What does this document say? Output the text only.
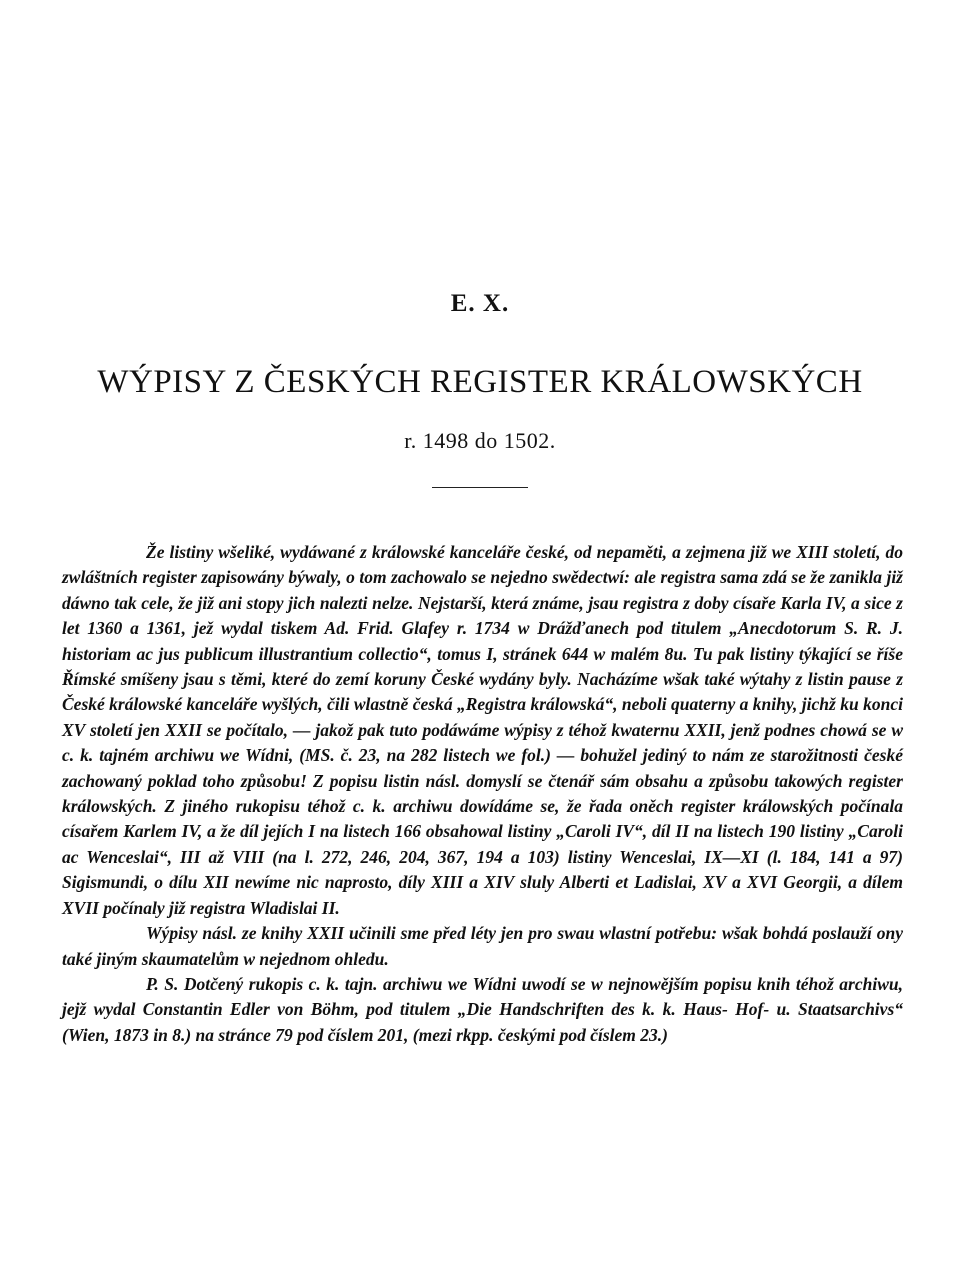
E. X.
WÝPISY Z ČESKÝCH REGISTER KRÁLOWSKÝCH
r. 1498 do 1502.

Že listiny wšeliké, wydáwané z králowské kanceláře české, od nepaměti, a zejmena již we XIII století, do zwláštních register zapisowány býwaly, o tom zachowalo se nejedno swědectwí: ale registra sama zdá se že zanikla již dáwno tak cele, že již ani stopy jich nalezti nelze. Nejstarší, která známe, jsau registra z doby císaře Karla IV, a sice z let 1360 a 1361, jež wydal tiskem Ad. Frid. Glafey r. 1734 w Drážďanech pod titulem „Anecdotorum S. R. J. historiam ac jus publicum illustrantium collectio“, tomus I, stránek 644 w malém 8u. Tu pak listiny týkající se říše Římské smíšeny jsau s těmi, které do zemí koruny České wydány byly. Nacházíme wšak také wýtahy z listin pause z České králowské kanceláře wyšlých, čili wlastně česká „Registra králowská“, neboli quaterny a knihy, jichž ku konci XV století jen XXII se počítalo, — jakož pak tuto podáwáme wýpisy z téhož kwaternu XXII, jenž podnes chowá se w c. k. tajném archiwu we Wídni, (MS. č. 23, na 282 listech we fol.) — bohužel jediný to nám ze starožitnosti české zachowaný poklad toho způsobu! Z popisu listin násl. domyslí se čtenář sám obsahu a způsobu takowých register králowských. Z jiného rukopisu téhož c. k. archiwu dowídáme se, že řada oněch register králowských počínala císařem Karlem IV, a že díl jejích I na listech 166 obsahowal listiny „Caroli IV“, díl II na listech 190 listiny „Caroli ac Wenceslai“, III až VIII (na l. 272, 246, 204, 367, 194 a 103) listiny Wenceslai, IX—XI (l. 184, 141 a 97) Sigismundi, o dílu XII newíme nic naprosto, díly XIII a XIV sluly Alberti et Ladislai, XV a XVI Georgii, a dílem XVII počínaly již registra Wladislai II.

Wýpisy násl. ze knihy XXII učinili sme před léty jen pro swau wlastní potřebu: wšak bohdá poslauží ony také jiným skaumatelům w nejednom ohledu.

P. S. Dotčený rukopis c. k. tajn. archiwu we Wídni uwodí se w nejnowějším popisu knih téhož archiwu, jejž wydal Constantin Edler von Böhm, pod titulem „Die Handschriften des k. k. Haus- Hof- u. Staatsarchivs“ (Wien, 1873 in 8.) na stránce 79 pod číslem 201, (mezi rkpp. českými pod číslem 23.)
